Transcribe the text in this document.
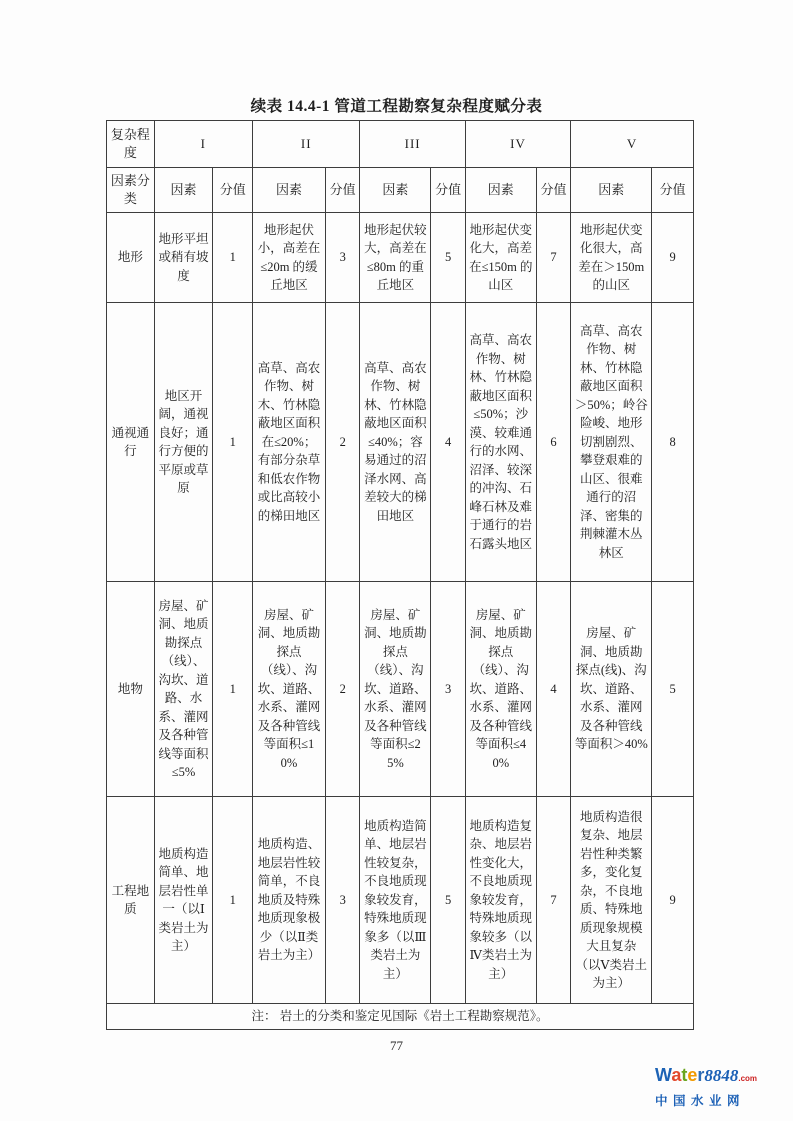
续表 14.4-1 管道工程勘察复杂程度赋分表
复杂程度	I		II		III		IV		V	
因素分类	因素	分值	因素	分值	因素	分值	因素	分值	因素	分值
地形	地形平坦或稍有坡度	1	地形起伏小，高差在≤20m 的缓丘地区	3	地形起伏较大，高差在≤80m 的重丘地区	5	地形起伏变化大，高差在≤150m 的山区	7	地形起伏变化很大，高差在＞150m 的山区	9
通视通行	地区开阔，通视良好；通行方便的平原或草原	1	高草、高农作物、树木、竹林隐蔽地区面积在≤20%；有部分杂草和低农作物或比高较小的梯田地区	2	高草、高农作物、树林、竹林隐蔽地区面积≤40%；容易通过的沼泽水网、高差较大的梯田地区	4	高草、高农作物、树林、竹林隐蔽地区面积≤50%；沙漠、较难通行的水网、沼泽、较深的冲沟、石峰石林及难于通行的岩石露头地区	6	高草、高农作物、树林、竹林隐蔽地区面积＞50%；岭谷险峻、地形切割剧烈、攀登艰难的山区、很难通行的沼泽、密集的荆棘灌木丛林区	8
地物	房屋、矿洞、地质勘探点（线）、沟坎、道路、水系、灌网及各种管线等面积≤5%	1	房屋、矿洞、地质勘探点（线）、沟坎、道路、水系、灌网及各种管线等面积≤10%	2	房屋、矿洞、地质勘探点（线）、沟坎、道路、水系、灌网及各种管线等面积≤25%	3	房屋、矿洞、地质勘探点（线）、沟坎、道路、水系、灌网及各种管线等面积≤40%	4	房屋、矿洞、地质勘探点(线)、沟坎、道路、水系、灌网及各种管线等面积＞40%	5
工程地质	地质构造简单、地层岩性单一（以Ⅰ类岩土为主）	1	地质构造、地层岩性较简单，不良地质及特殊地质现象极少（以Ⅱ类岩土为主）	3	地质构造简单、地层岩性较复杂，不良地质现象较发育，特殊地质现象多（以Ⅲ类岩土为主）	5	地质构造复杂、地层岩性变化大，不良地质现象较发育，特殊地质现象较多（以Ⅳ类岩土为主）	7	地质构造很复杂、地层岩性种类繁多，变化复杂，不良地质、特殊地质现象规模大且复杂（以Ⅴ类岩土为主）	9
注： 岩土的分类和鉴定见国际《岩土工程勘察规范》。										
77
Water8848.com
中国水业网
